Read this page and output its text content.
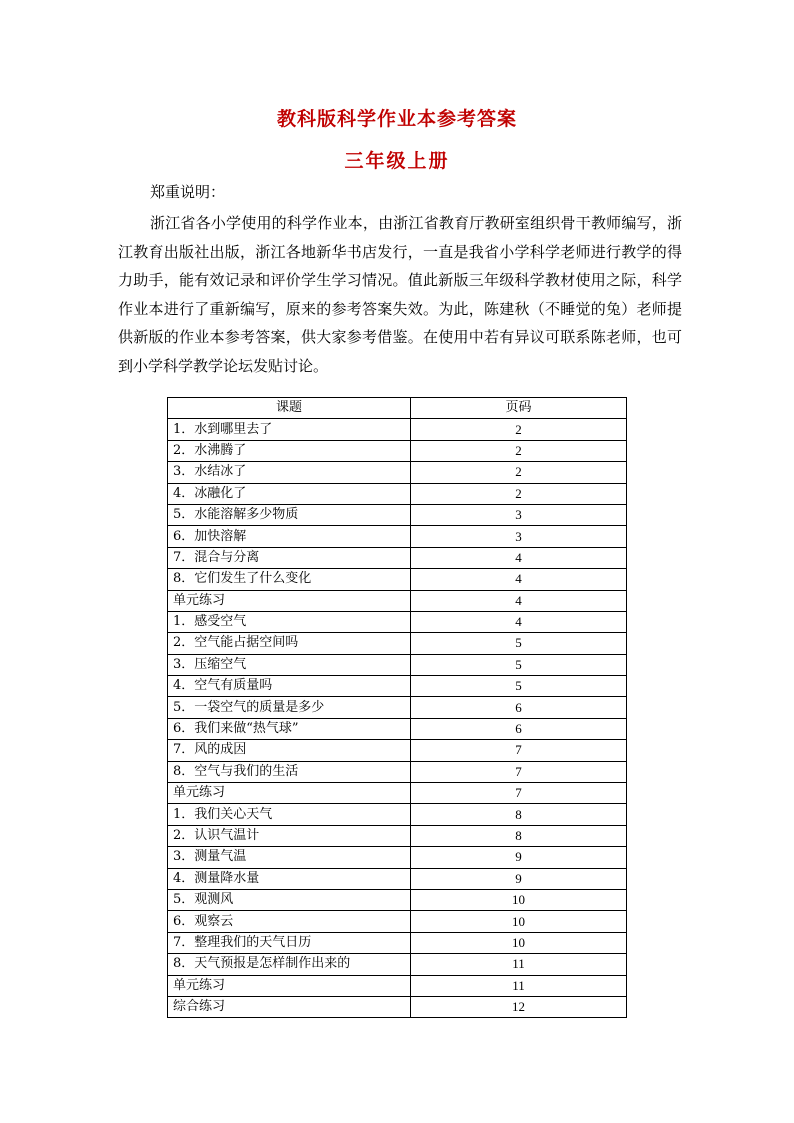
教科版科学作业本参考答案
三年级上册
郑重说明：
浙江省各小学使用的科学作业本，由浙江省教育厅教研室组织骨干教师编写，浙江教育出版社出版，浙江各地新华书店发行，一直是我省小学科学老师进行教学的得力助手，能有效记录和评价学生学习情况。值此新版三年级科学教材使用之际，科学作业本进行了重新编写，原来的参考答案失效。为此，陈建秋（不睡觉的兔）老师提供新版的作业本参考答案，供大家参考借鉴。在使用中若有异议可联系陈老师，也可到小学科学教学论坛发贴讨论。
课题	页码
1．水到哪里去了	2
2．水沸腾了	2
3．水结冰了	2
4．冰融化了	2
5．水能溶解多少物质	3
6．加快溶解	3
7．混合与分离	4
8．它们发生了什么变化	4
单元练习	4
1．感受空气	4
2．空气能占据空间吗	5
3．压缩空气	5
4．空气有质量吗	5
5．一袋空气的质量是多少	6
6．我们来做“热气球”	6
7．风的成因	7
8．空气与我们的生活	7
单元练习	7
1．我们关心天气	8
2．认识气温计	8
3．测量气温	9
4．测量降水量	9
5．观测风	10
6．观察云	10
7．整理我们的天气日历	10
8．天气预报是怎样制作出来的	11
单元练习	11
综合练习	12
